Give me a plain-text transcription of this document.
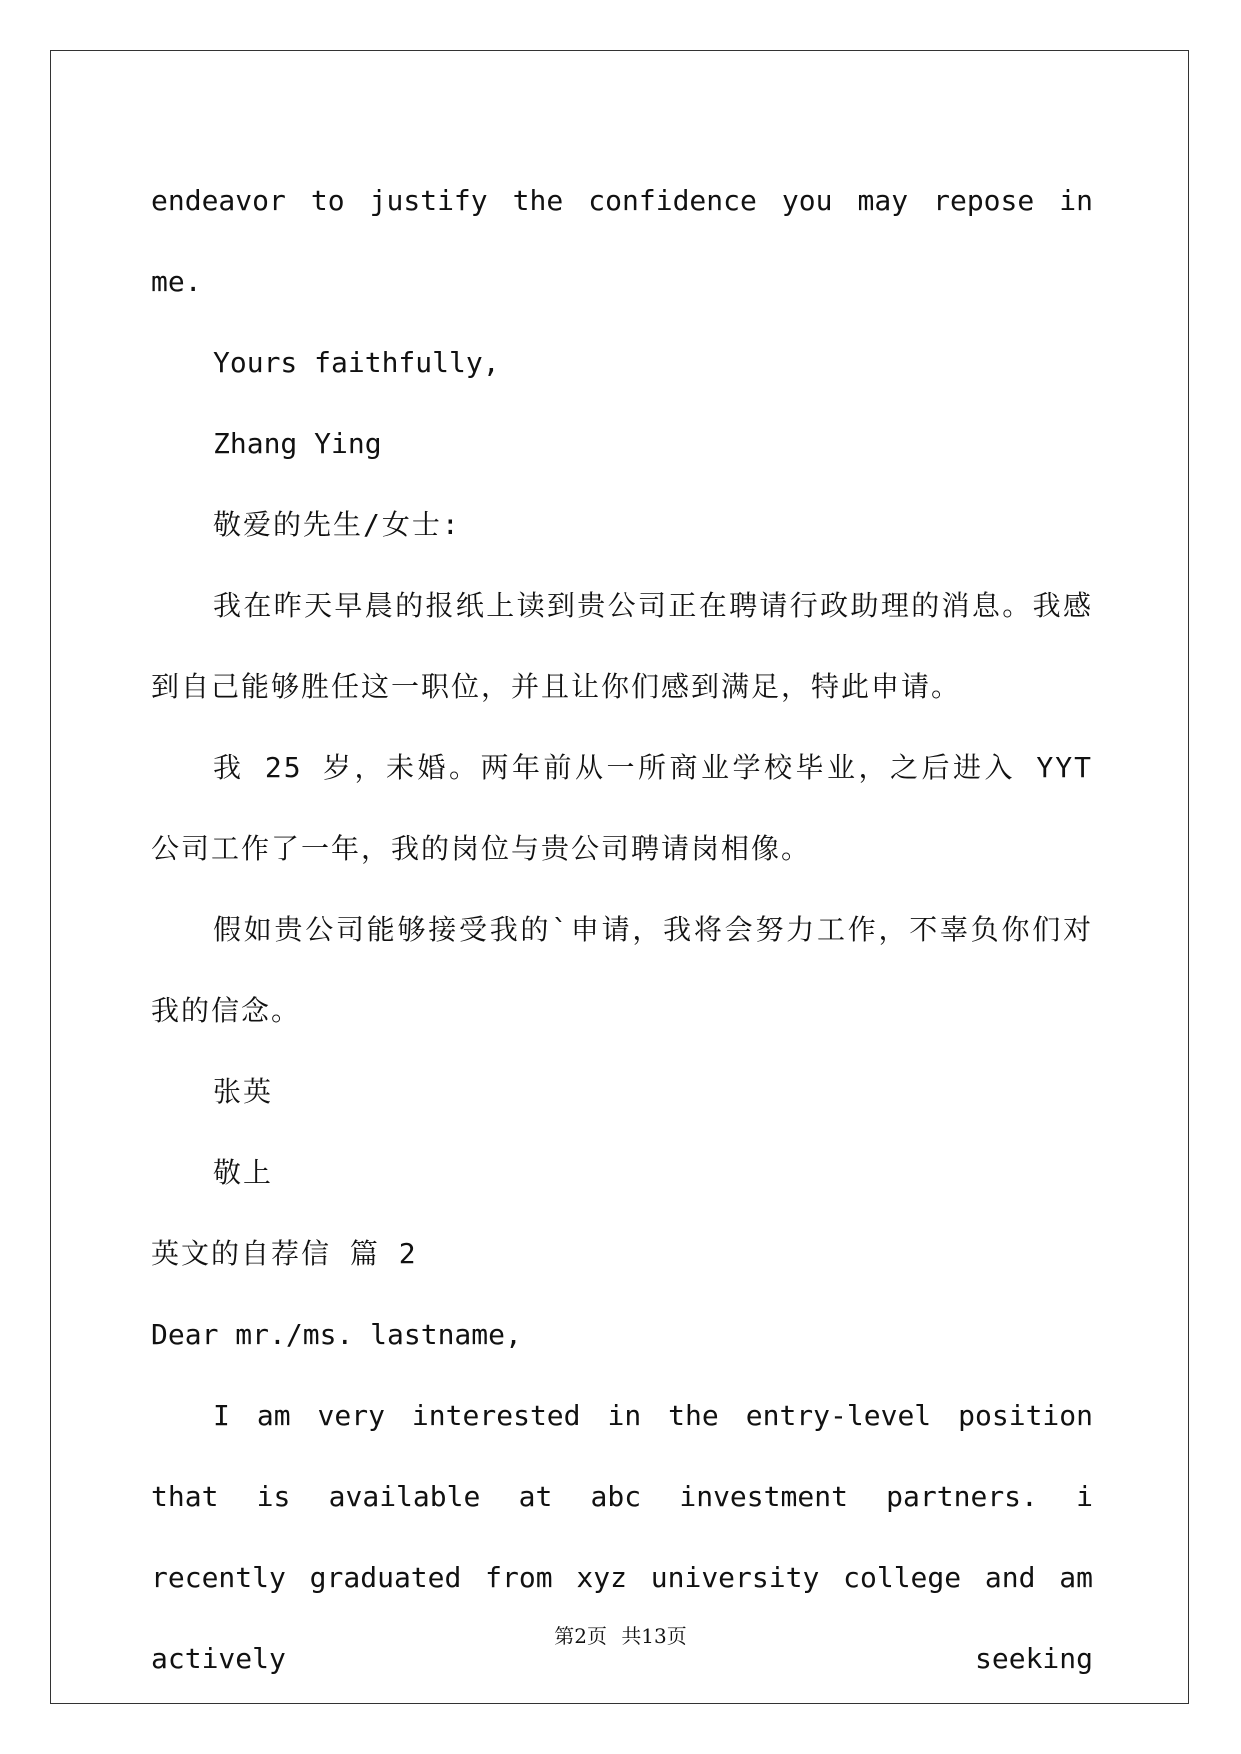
endeavor to justify the confidence you may repose in me.

Yours faithfully,

Zhang Ying

敬爱的先生/女士:

我在昨天早晨的报纸上读到贵公司正在聘请行政助理的消息。我感到自己能够胜任这一职位，并且让你们感到满足，特此申请。

我 25 岁，未婚。两年前从一所商业学校毕业，之后进入 YYT 公司工作了一年，我的岗位与贵公司聘请岗相像。

假如贵公司能够接受我的`申请，我将会努力工作，不辜负你们对我的信念。

张英

敬上

英文的自荐信 篇 2

Dear mr./ms. lastname,

I am very interested in the entry-level position that is available at abc investment partners. i recently graduated from xyz university college and am actively seeking

第2页 共13页
